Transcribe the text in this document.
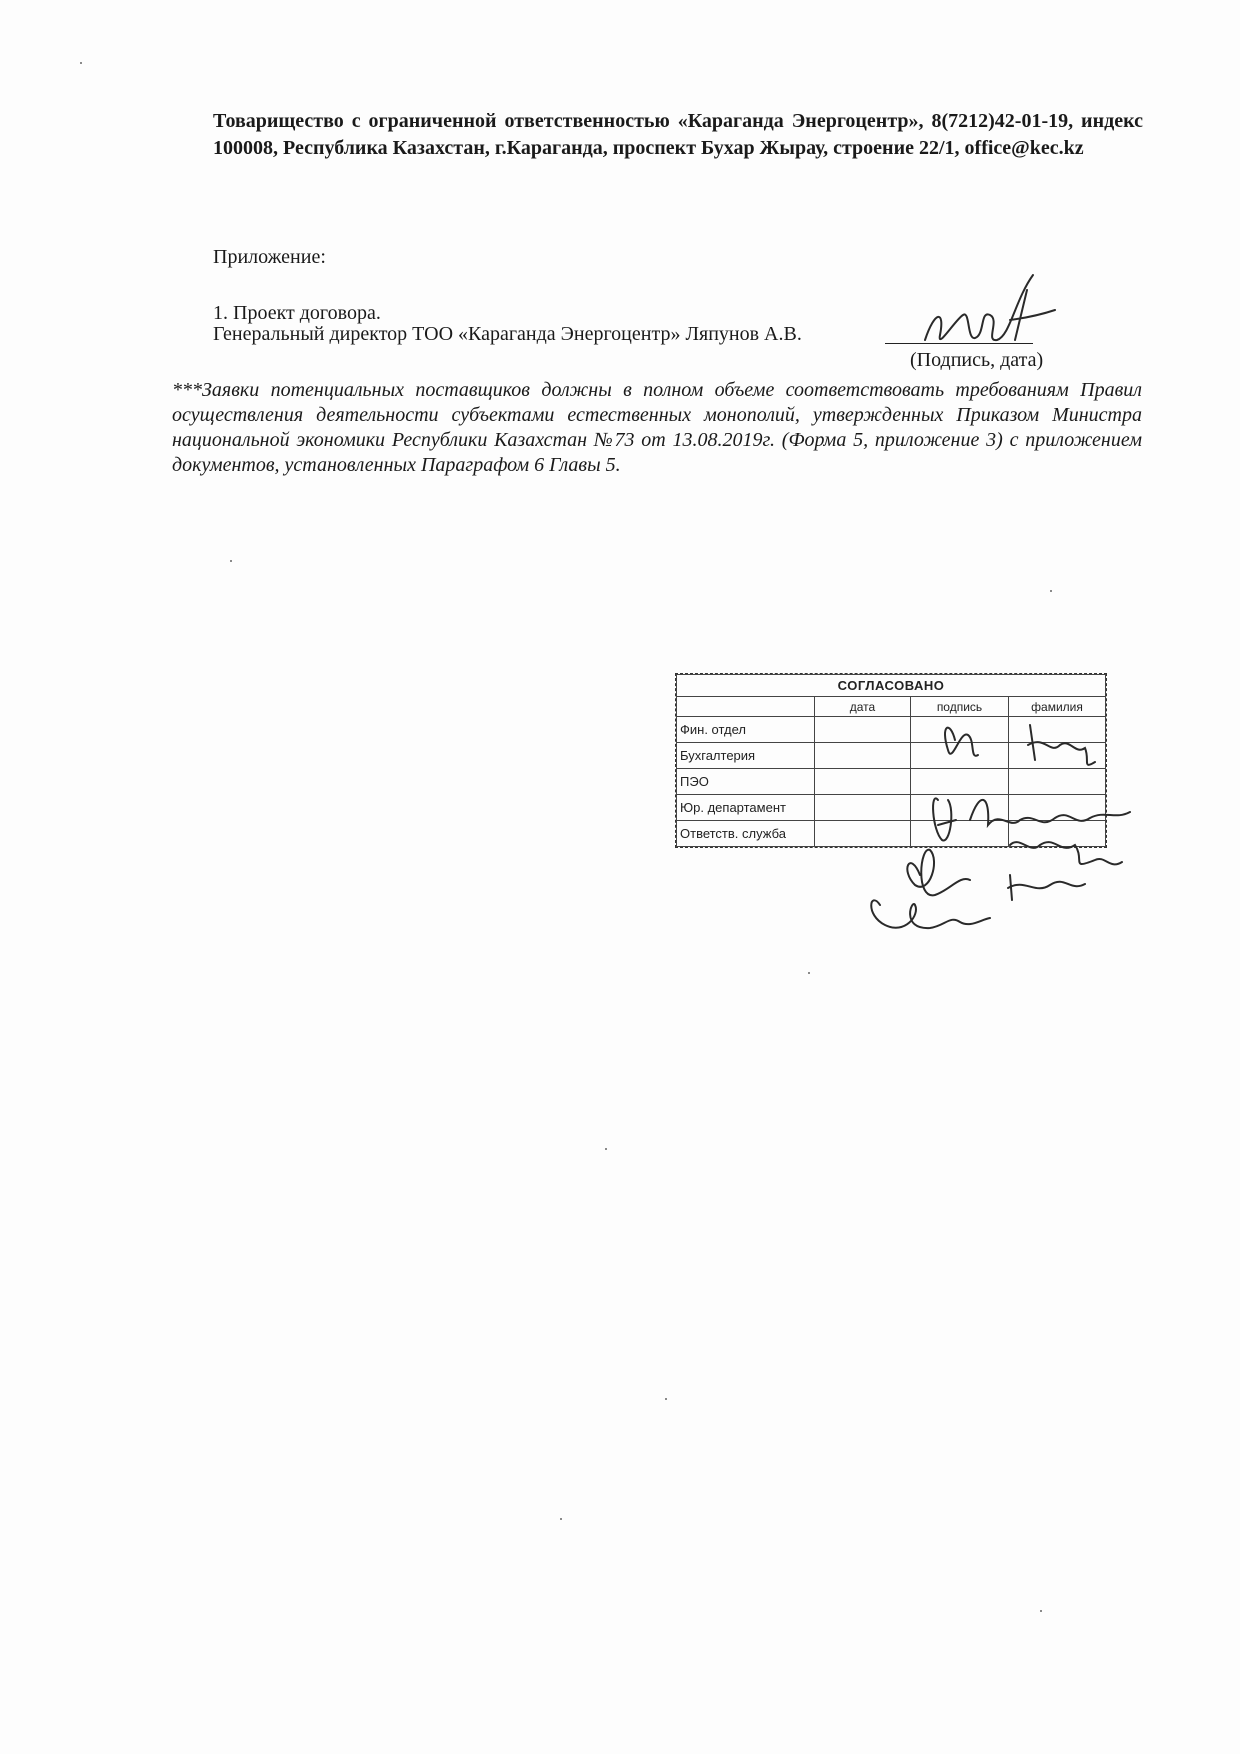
Товарищество с ограниченной ответственностью «Караганда Энергоцентр», 8(7212)42-01-19, индекс 100008, Республика Казахстан, г.Караганда, проспект Бухар Жырау, строение 22/1, office@kec.kz
Приложение:
1. Проект договора.
Генеральный директор ТОО «Караганда Энергоцентр» Ляпунов А.В.
(Подпись, дата)
***Заявки потенциальных поставщиков должны в полном объеме соответствовать требованиям Правил осуществления деятельности субъектами естественных монополий, утвержденных Приказом Министра национальной экономики Республики Казахстан №73 от 13.08.2019г. (Форма 5, приложение 3) с приложением документов, установленных Параграфом 6 Главы 5.
СОГЛАСОВАНО			
	дата	подпись	фамилия
Фин. отдел			
Бухгалтерия			
ПЭО			
Юр. департамент			
Ответств. служба			
